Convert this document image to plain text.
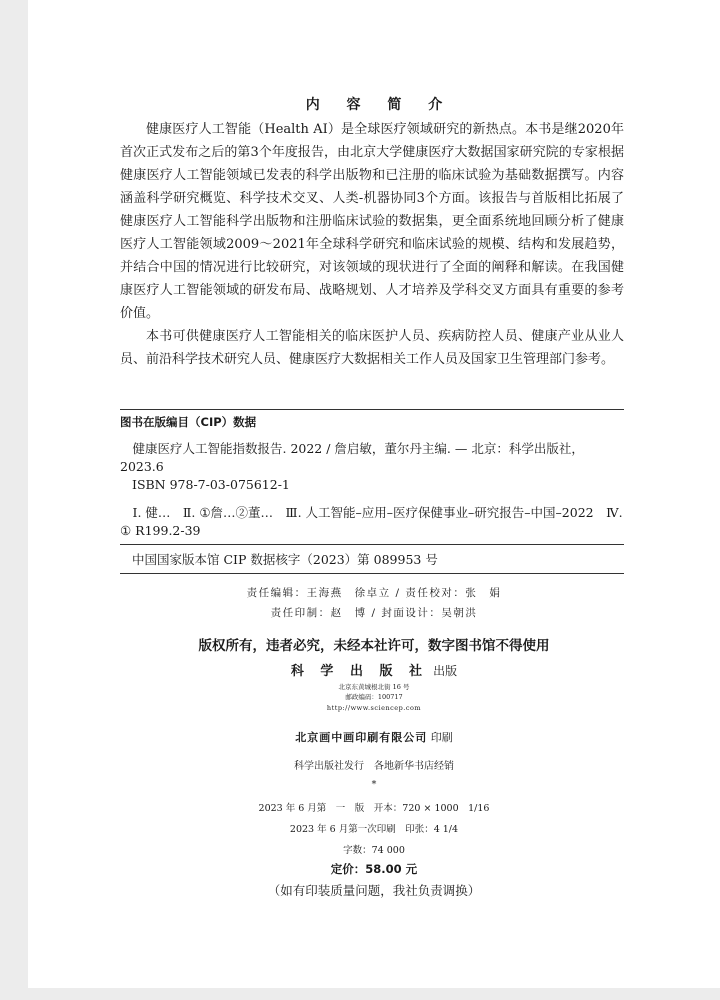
内 容 简 介

健康医疗人工智能（Health AI）是全球医疗领域研究的新热点。本书是继2020年首次正式发布之后的第3个年度报告，由北京大学健康医疗大数据国家研究院的专家根据健康医疗人工智能领域已发表的科学出版物和已注册的临床试验为基础数据撰写。内容涵盖科学研究概览、科学技术交叉、人类-机器协同3个方面。该报告与首版相比拓展了健康医疗人工智能科学出版物和注册临床试验的数据集，更全面系统地回顾分析了健康医疗人工智能领域2009～2021年全球科学研究和临床试验的规模、结构和发展趋势，并结合中国的情况进行比较研究，对该领域的现状进行了全面的阐释和解读。在我国健康医疗人工智能领域的研发布局、战略规划、人才培养及学科交叉方面具有重要的参考价值。

本书可供健康医疗人工智能相关的临床医护人员、疾病防控人员、健康产业从业人员、前沿科学技术研究人员、健康医疗大数据相关工作人员及国家卫生管理部门参考。

图书在版编目（CIP）数据
健康医疗人工智能指数报告. 2022 / 詹启敏，董尔丹主编. — 北京：科学出版社，2023.6
ISBN 978-7-03-075612-1
Ⅰ. 健…　Ⅱ. ①詹…②董…　Ⅲ. 人工智能–应用–医疗保健事业–研究报告–中国–2022　Ⅳ. ① R199.2-39
中国国家版本馆 CIP 数据核字（2023）第 089953 号
责任编辑：王海燕　徐卓立 / 责任校对：张　娟
责任印制：赵　博 / 封面设计：吴朝洪
版权所有，违者必究，未经本社许可，数字图书馆不得使用
科 学 出 版 社 出版
北京东黄城根北街 16 号
邮政编码：100717
http://www.sciencep.com
北京画中画印刷有限公司 印刷
科学出版社发行　各地新华书店经销
*
2023 年 6 月第　一　版　开本：720 × 1000　1/16
2023 年 6 月第一次印刷　印张：4 1/4
字数：74 000
定价：58.00 元
（如有印装质量问题，我社负责调换）
